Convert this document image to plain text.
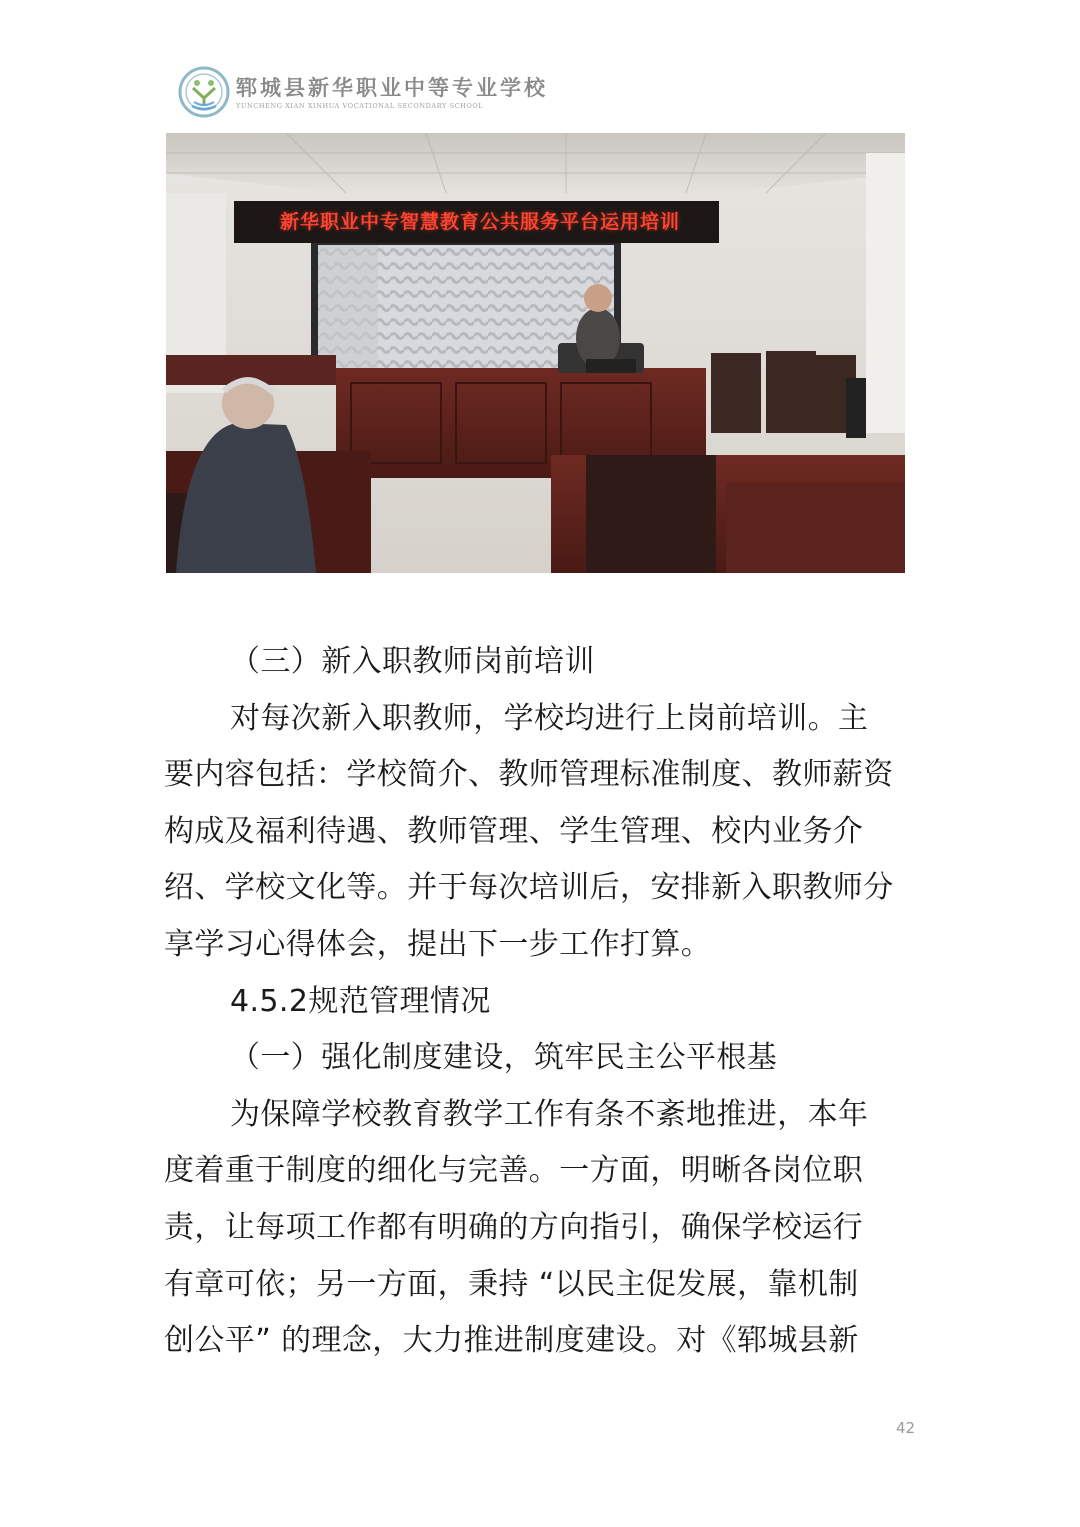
郓城县新华职业中等专业学校
YUNCHENG XIAN XINHUA VOCATIONAL SECONDARY SCHOOL
新华职业中专智慧教育公共服务平台运用培训
（三）新入职教师岗前培训
对每次新入职教师，学校均进行上岗前培训。主
要内容包括：学校简介、教师管理标准制度、教师薪资
构成及福利待遇、教师管理、学生管理、校内业务介
绍、学校文化等。并于每次培训后，安排新入职教师分
享学习心得体会，提出下一步工作打算。
4.5.2规范管理情况
（一）强化制度建设，筑牢民主公平根基
为保障学校教育教学工作有条不紊地推进，本年
度着重于制度的细化与完善。一方面，明晰各岗位职
责，让每项工作都有明确的方向指引，确保学校运行
有章可依；另一方面，秉持 “以民主促发展，靠机制
创公平” 的理念，大力推进制度建设。对《郓城县新
42
